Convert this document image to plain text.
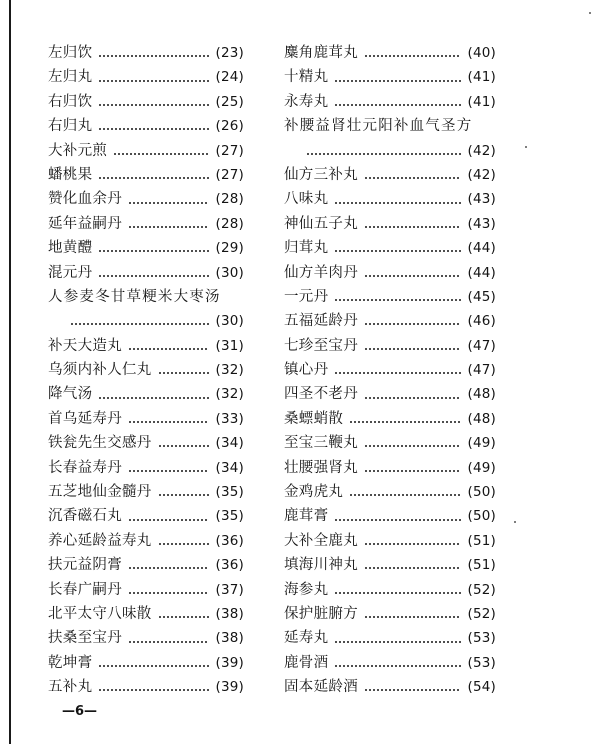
左归饮	(23)
左归丸	(24)
右归饮	(25)
右归丸	(26)
大补元煎	(27)
蟠桃果	(27)
赞化血余丹	(28)
延年益嗣丹	(28)
地黄醴	(29)
混元丹	(30)
人参麦冬甘草粳米大枣汤
(30)
补天大造丸	(31)
乌须内补人仁丸	(32)
降气汤	(32)
首乌延寿丹	(33)
铁瓮先生交感丹	(34)
长春益寿丹	(34)
五芝地仙金髓丹	(35)
沉香磁石丸	(35)
养心延龄益寿丸	(36)
扶元益阴膏	(36)
长春广嗣丹	(37)
北平太守八味散	(38)
扶桑至宝丹	(38)
乾坤膏	(39)
五补丸	(39)
麋角鹿茸丸	(40)
十精丸	(41)
永寿丸	(41)
补腰益肾壮元阳补血气圣方
(42)
仙方三补丸	(42)
八味丸	(43)
神仙五子丸	(43)
归茸丸	(44)
仙方羊肉丹	(44)
一元丹	(45)
五福延龄丹	(46)
七珍至宝丹	(47)
镇心丹	(47)
四圣不老丹	(48)
桑螵蛸散	(48)
至宝三鞭丸	(49)
壮腰强肾丸	(49)
金鸡虎丸	(50)
鹿茸膏	(50)
大补全鹿丸	(51)
填海川神丸	(51)
海参丸	(52)
保护脏腑方	(52)
延寿丸	(53)
鹿骨酒	(53)
固本延龄酒	(54)
—6—
